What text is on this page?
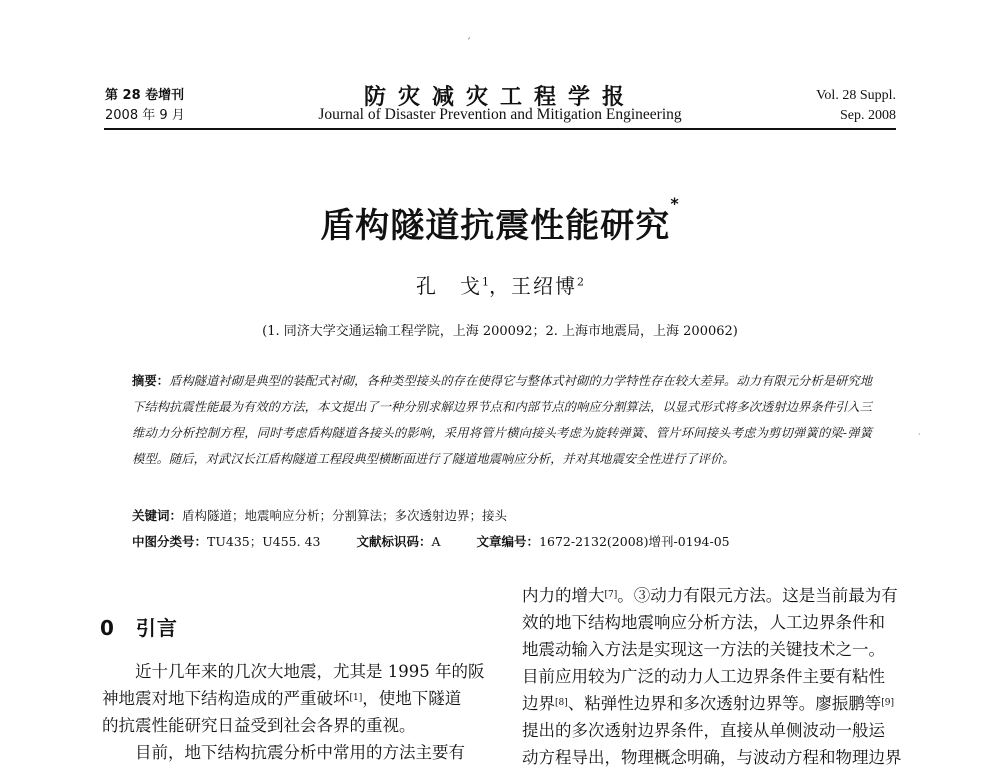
ˊ
第 28 卷增刊
2008 年 9 月
防灾减灾工程学报
Journal of Disaster Prevention and Mitigation Engineering
Vol. 28 Suppl.
Sep. 2008
盾构隧道抗震性能研究*
孔　戈$^1$，王绍博$^2$
(1. 同济大学交通运输工程学院，上海 200092；2. 上海市地震局，上海 200062)
摘要：盾构隧道衬砌是典型的装配式衬砌，各种类型接头的存在使得它与整体式衬砌的力学特性存在较大差异。动力有限元分析是研究地下结构抗震性能最为有效的方法，本文提出了一种分别求解边界节点和内部节点的响应分割算法，以显式形式将多次透射边界条件引入三维动力分析控制方程，同时考虑盾构隧道各接头的影响，采用将管片横向接头考虑为旋转弹簧、管片环间接头考虑为剪切弹簧的梁-弹簧模型。随后，对武汉长江盾构隧道工程段典型横断面进行了隧道地震响应分析，并对其地震安全性进行了评价。
关键词：盾构隧道；地震响应分析；分割算法；多次透射边界；接头
中图分类号：TU435；U455. 43	文献标识码：A	文章编号：1672-2132(2008)增刊-0194-05
·
0　 引言
近十几年来的几次大地震，尤其是 1995 年的阪
神地震对地下结构造成的严重破坏[1]，使地下隧道
的抗震性能研究日益受到社会各界的重视。
目前，地下结构抗震分析中常用的方法主要有
内力的增大[7]。③动力有限元方法。这是当前最为有
效的地下结构地震响应分析方法，人工边界条件和
地震动输入方法是实现这一方法的关键技术之一。
目前应用较为广泛的动力人工边界条件主要有粘性
边界[8]、粘弹性边界和多次透射边界等。廖振鹏等[9]
提出的多次透射边界条件，直接从单侧波动一般运
动方程导出，物理概念明确，与波动方程和物理边界
